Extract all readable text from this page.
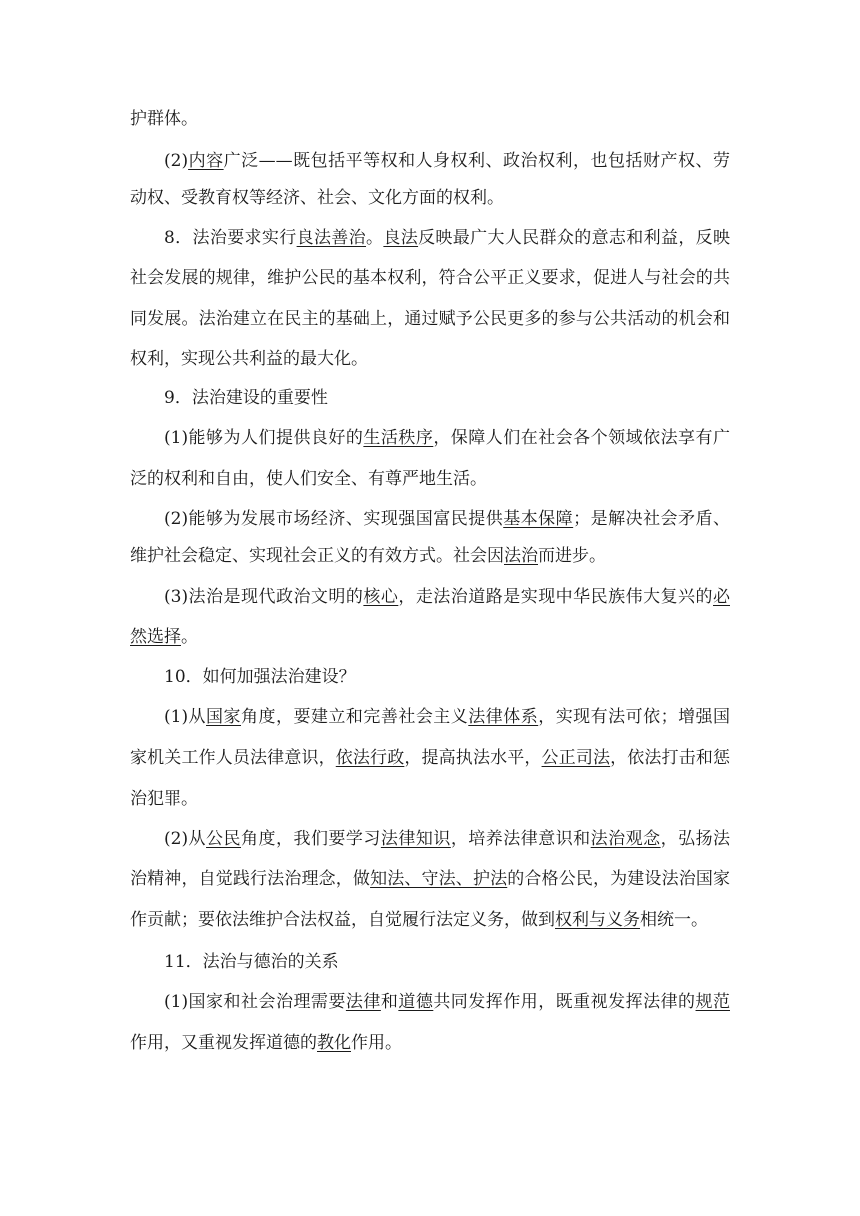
护群体。
(2)内容广泛——既包括平等权和人身权利、政治权利，也包括财产权、劳
动权、受教育权等经济、社会、文化方面的权利。
8．法治要求实行良法善治。良法反映最广大人民群众的意志和利益，反映
社会发展的规律，维护公民的基本权利，符合公平正义要求，促进人与社会的共
同发展。法治建立在民主的基础上，通过赋予公民更多的参与公共活动的机会和
权利，实现公共利益的最大化。
9．法治建设的重要性
(1)能够为人们提供良好的生活秩序，保障人们在社会各个领域依法享有广
泛的权利和自由，使人们安全、有尊严地生活。
(2)能够为发展市场经济、实现强国富民提供基本保障；是解决社会矛盾、
维护社会稳定、实现社会正义的有效方式。社会因法治而进步。
(3)法治是现代政治文明的核心，走法治道路是实现中华民族伟大复兴的必
然选择。
10．如何加强法治建设？
(1)从国家角度，要建立和完善社会主义法律体系，实现有法可依；增强国
家机关工作人员法律意识，依法行政，提高执法水平，公正司法，依法打击和惩
治犯罪。
(2)从公民角度，我们要学习法律知识，培养法律意识和法治观念，弘扬法
治精神，自觉践行法治理念，做知法、守法、护法的合格公民，为建设法治国家
作贡献；要依法维护合法权益，自觉履行法定义务，做到权利与义务相统一。
11．法治与德治的关系
(1)国家和社会治理需要法律和道德共同发挥作用，既重视发挥法律的规范
作用，又重视发挥道德的教化作用。
